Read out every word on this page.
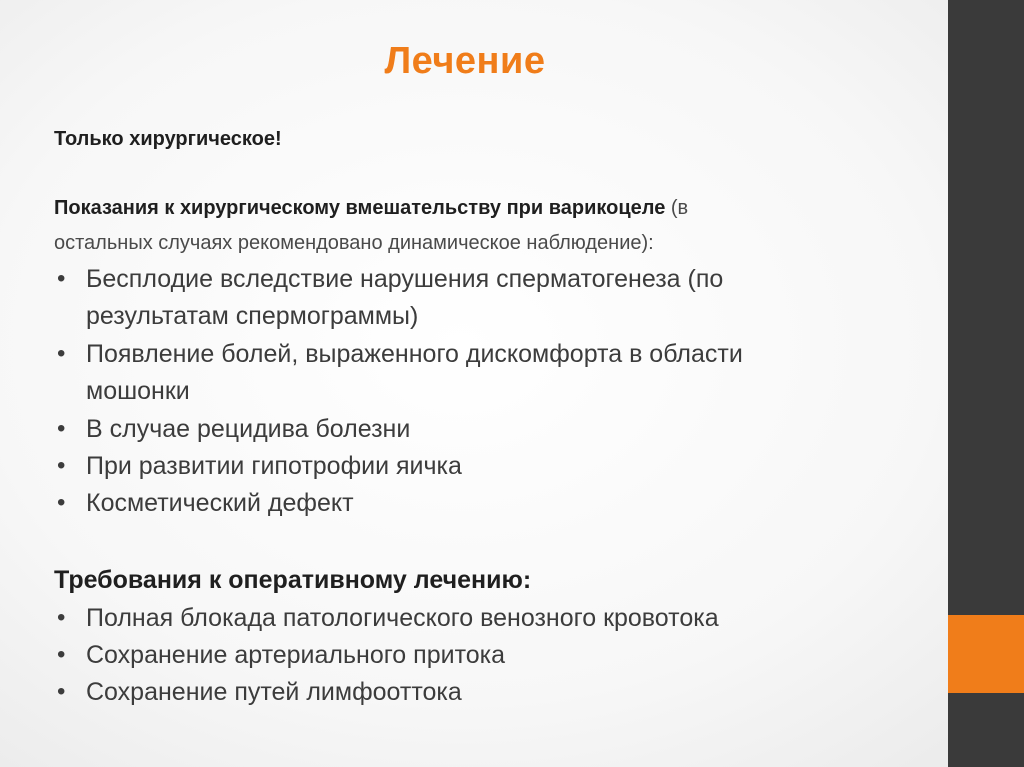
Лечение
Только хирургическое!
Показания к хирургическому вмешательству при варикоцеле (в
остальных случаях рекомендовано динамическое наблюдение):
• Бесплодие вследствие нарушения сперматогенеза (по
результатам спермограммы)
• Появление болей, выраженного дискомфорта в области
мошонки
• В случае рецидива болезни
• При развитии гипотрофии яичка
• Косметический дефект
Требования к оперативному лечению:
• Полная блокада патологического венозного кровотока
• Сохранение артериального притока
• Сохранение путей лимфооттока
